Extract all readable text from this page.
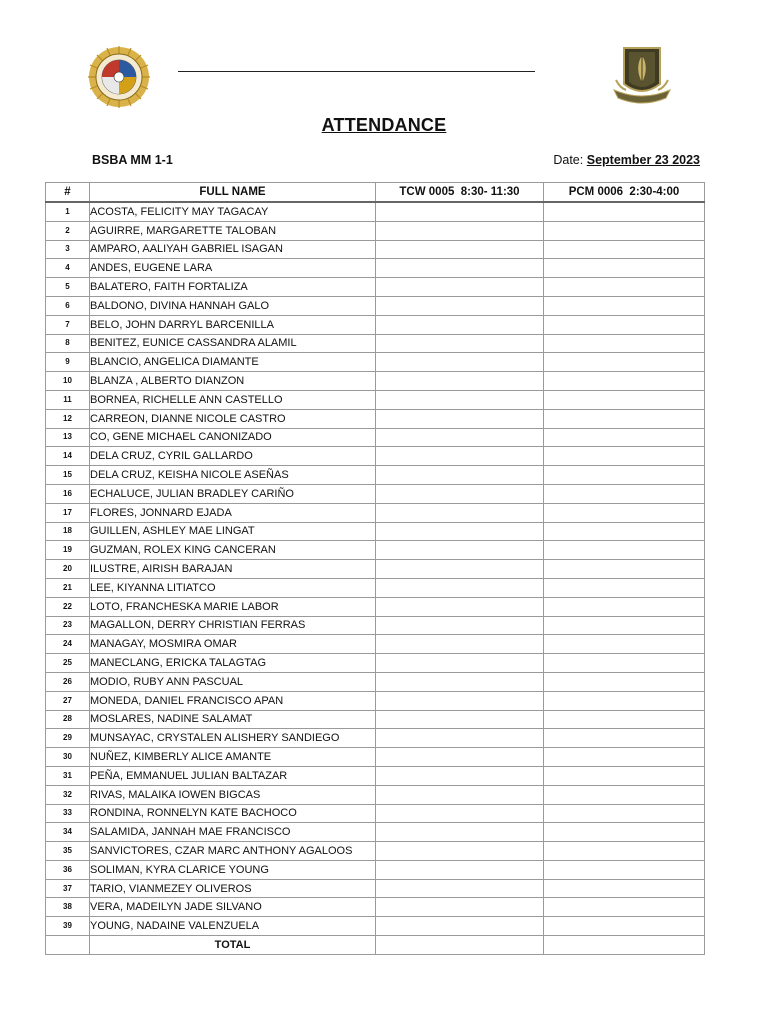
ATTENDANCE
BSBA MM 1-1	Date: September 23 2023
#	FULL NAME	TCW 0005  8:30- 11:30	PCM 0006  2:30-4:00
1	ACOSTA, FELICITY MAY TAGACAY		
2	AGUIRRE, MARGARETTE TALOBAN		
3	AMPARO, AALIYAH GABRIEL ISAGAN		
4	ANDES, EUGENE LARA		
5	BALATERO, FAITH FORTALIZA		
6	BALDONO, DIVINA HANNAH GALO		
7	BELO, JOHN DARRYL BARCENILLA		
8	BENITEZ, EUNICE CASSANDRA ALAMIL		
9	BLANCIO, ANGELICA DIAMANTE		
10	BLANZA , ALBERTO DIANZON		
11	BORNEA, RICHELLE ANN CASTELLO		
12	CARREON, DIANNE NICOLE CASTRO		
13	CO, GENE MICHAEL CANONIZADO		
14	DELA CRUZ, CYRIL GALLARDO		
15	DELA CRUZ, KEISHA NICOLE ASEÑAS		
16	ECHALUCE, JULIAN BRADLEY CARIÑO		
17	FLORES, JONNARD EJADA		
18	GUILLEN, ASHLEY MAE LINGAT		
19	GUZMAN, ROLEX KING CANCERAN		
20	ILUSTRE, AIRISH BARAJAN		
21	LEE, KIYANNA LITIATCO		
22	LOTO, FRANCHESKA MARIE LABOR		
23	MAGALLON, DERRY CHRISTIAN FERRAS		
24	MANAGAY, MOSMIRA OMAR		
25	MANECLANG, ERICKA TALAGTAG		
26	MODIO, RUBY ANN PASCUAL		
27	MONEDA, DANIEL FRANCISCO APAN		
28	MOSLARES, NADINE SALAMAT		
29	MUNSAYAC, CRYSTALEN ALISHERY SANDIEGO		
30	NUÑEZ, KIMBERLY ALICE AMANTE		
31	PEÑA, EMMANUEL JULIAN BALTAZAR		
32	RIVAS, MALAIKA IOWEN BIGCAS		
33	RONDINA, RONNELYN KATE BACHOCO		
34	SALAMIDA, JANNAH MAE FRANCISCO		
35	SANVICTORES, CZAR MARC ANTHONY AGALOOS		
36	SOLIMAN, KYRA CLARICE YOUNG		
37	TARIO, VIANMEZEY OLIVEROS		
38	VERA, MADEILYN JADE SILVANO		
39	YOUNG, NADAINE VALENZUELA		
	TOTAL		
